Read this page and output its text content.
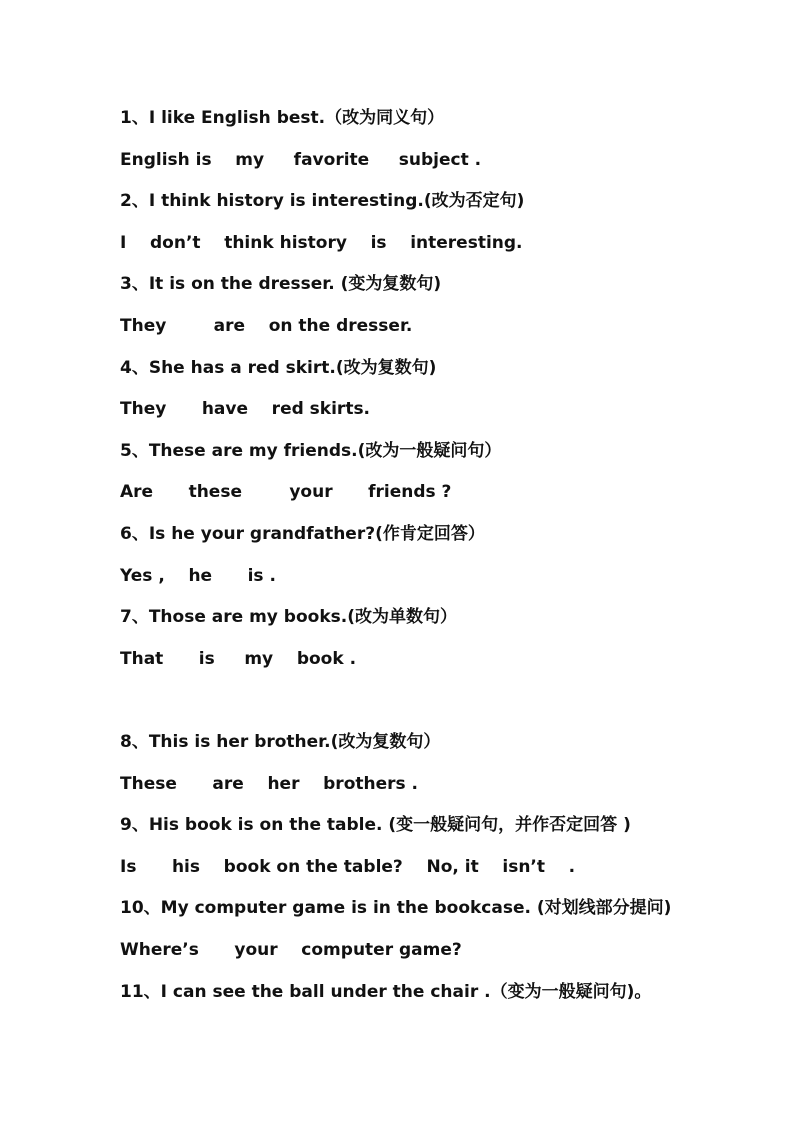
1、I like English best.（改为同义句）
English is    my     favorite     subject .
2、I think history is interesting.(改为否定句)
I    don’t    think history    is    interesting.
3、It is on the dresser. (变为复数句)
They        are    on the dresser.
4、She has a red skirt.(改为复数句)
They      have    red skirts.
5、These are my friends.(改为一般疑问句）
Are      these        your      friends ?
6、Is he your grandfather?(作肯定回答）
Yes ,    he      is .
7、Those are my books.(改为单数句）
That      is     my    book .
8、This is her brother.(改为复数句）
These      are    her    brothers .
9、His book is on the table. (变一般疑问句，并作否定回答 )
Is      his    book on the table?    No, it    isn’t    .
10、My computer game is in the bookcase. (对划线部分提问)
Where’s      your    computer game?
11、I can see the ball under the chair .（变为一般疑问句)。
